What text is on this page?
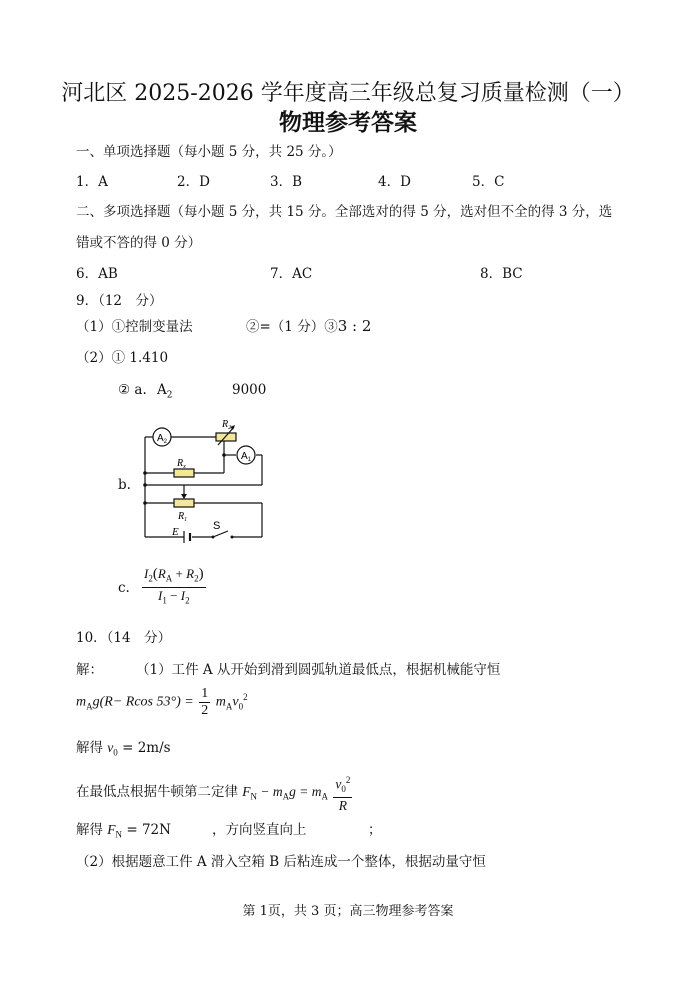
河北区 2025-2026 学年度高三年级总复习质量检测（一）
物理参考答案
一、单项选择题（每小题 5 分，共 25 分。）
1．A	2．D	3．B	4．D	5．C
二、多项选择题（每小题 5 分，共 15 分。全部选对的得 5 分，选对但不全的得 3 分，选
错或不答的得 0 分）
6．AB	7．AC	8．BC
9．（12　分）
（1）①控制变量法	②=（1 分）③3 : 2
（2）① 1.410
② a. $A_2$	9000
b.
$A_2$
$R_2$
$A_1$
$R_x$
$R_1$
E	S
c. $\frac{I_2(R_A + R_2)}{I_1 - I_2}$
10．（14　分）
解： （1）工件 A 从开始到滑到圆弧轨道最低点，根据机械能守恒
$m_Ag(R- Rcos$ $53^\circ) = \frac{1}{2} m_Av_0^2$
解得 $v_0 = 2m/s$
在最低点根据牛顿第二定律 $F_N - m_Ag = m_A \frac{v_0^2}{R}$
解得 $F_N = 72N$	，方向竖直向上	；
（2）根据题意工件 A 滑入空箱 B 后粘连成一个整体，根据动量守恒
第 1页，共 3 页；高三物理参考答案
